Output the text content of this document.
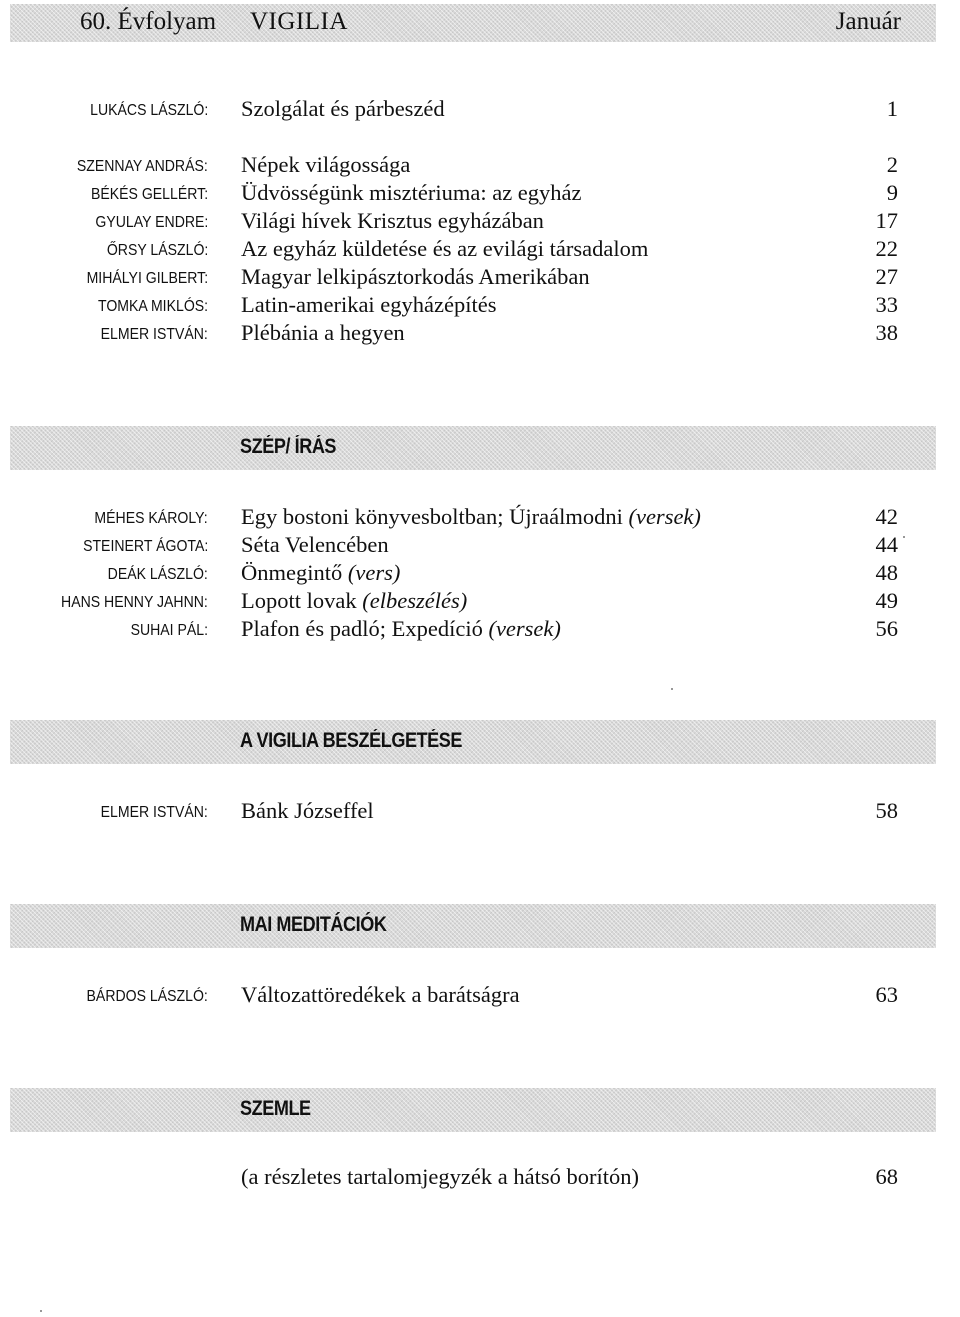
60. Évfolyam VIGILIA	Január
LUKÁCS LÁSZLÓ: Szolgálat és párbeszéd	1
SZENNAY ANDRÁS: Népek világossága	2
BÉKÉS GELLÉRT: Üdvösségünk misztériuma: az egyház	9
GYULAY ENDRE: Világi hívek Krisztus egyházában	17
ŐRSY LÁSZLÓ: Az egyház küldetése és az evilági társadalom	22
MIHÁLYI GILBERT: Magyar lelkipásztorkodás Amerikában	27
TOMKA MIKLÓS: Latin-amerikai egyházépítés	33
ELMER ISTVÁN: Plébánia a hegyen	38
SZÉP/ ÍRÁS
MÉHES KÁROLY: Egy bostoni könyvesboltban; Újraálmodni (versek)	42
STEINERT ÁGOTA: Séta Velencében	44
DEÁK LÁSZLÓ: Önmegintő (vers)	48
HANS HENNY JAHNN: Lopott lovak (elbeszélés)	49
SUHAI PÁL: Plafon és padló; Expedíció (versek)	56
A VIGILIA BESZÉLGETÉSE
ELMER ISTVÁN: Bánk Józseffel	58
MAI MEDITÁCIÓK
BÁRDOS LÁSZLÓ: Változattöredékek a barátságra	63
SZEMLE
(a részletes tartalomjegyzék a hátsó borítón)	68
